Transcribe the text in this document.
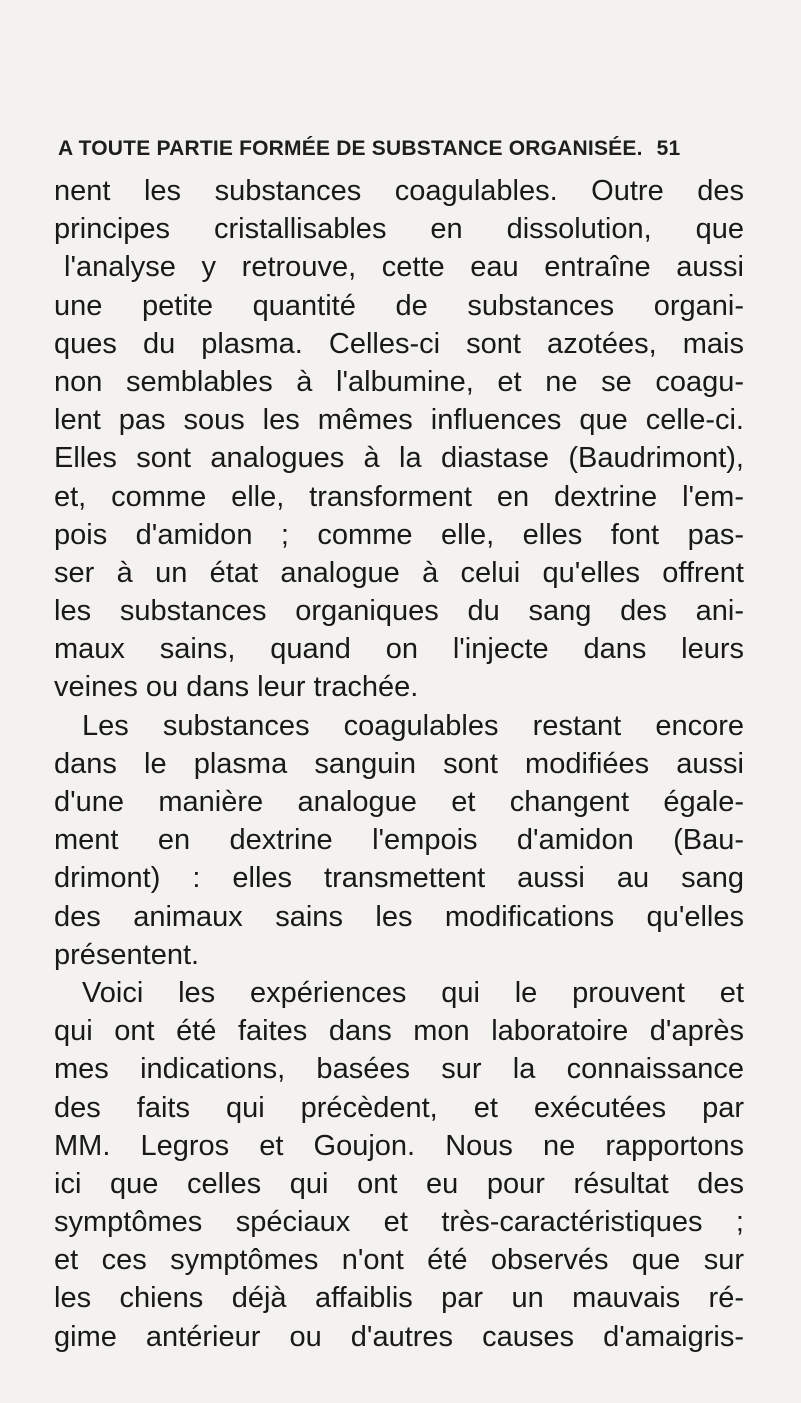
A TOUTE PARTIE FORMÉE DE SUBSTANCE ORGANISÉE. 51
nent les substances coagulables. Outre des
principes cristallisables en dissolution, que
l'analyse y retrouve, cette eau entraîne aussi
une petite quantité de substances organi-
ques du plasma. Celles-ci sont azotées, mais
non semblables à l'albumine, et ne se coagu-
lent pas sous les mêmes influences que celle-ci.
Elles sont analogues à la diastase (Baudrimont),
et, comme elle, transforment en dextrine l'em-
pois d'amidon ; comme elle, elles font pas-
ser à un état analogue à celui qu'elles offrent
les substances organiques du sang des ani-
maux sains, quand on l'injecte dans leurs
veines ou dans leur trachée.
Les substances coagulables restant encore
dans le plasma sanguin sont modifiées aussi
d'une manière analogue et changent égale-
ment en dextrine l'empois d'amidon (Bau-
drimont) : elles transmettent aussi au sang
des animaux sains les modifications qu'elles
présentent.
Voici les expériences qui le prouvent et
qui ont été faites dans mon laboratoire d'après
mes indications, basées sur la connaissance
des faits qui précèdent, et exécutées par
MM. Legros et Goujon. Nous ne rapportons
ici que celles qui ont eu pour résultat des
symptômes spéciaux et très-caractéristiques ;
et ces symptômes n'ont été observés que sur
les chiens déjà affaiblis par un mauvais ré-
gime antérieur ou d'autres causes d'amaigris-
